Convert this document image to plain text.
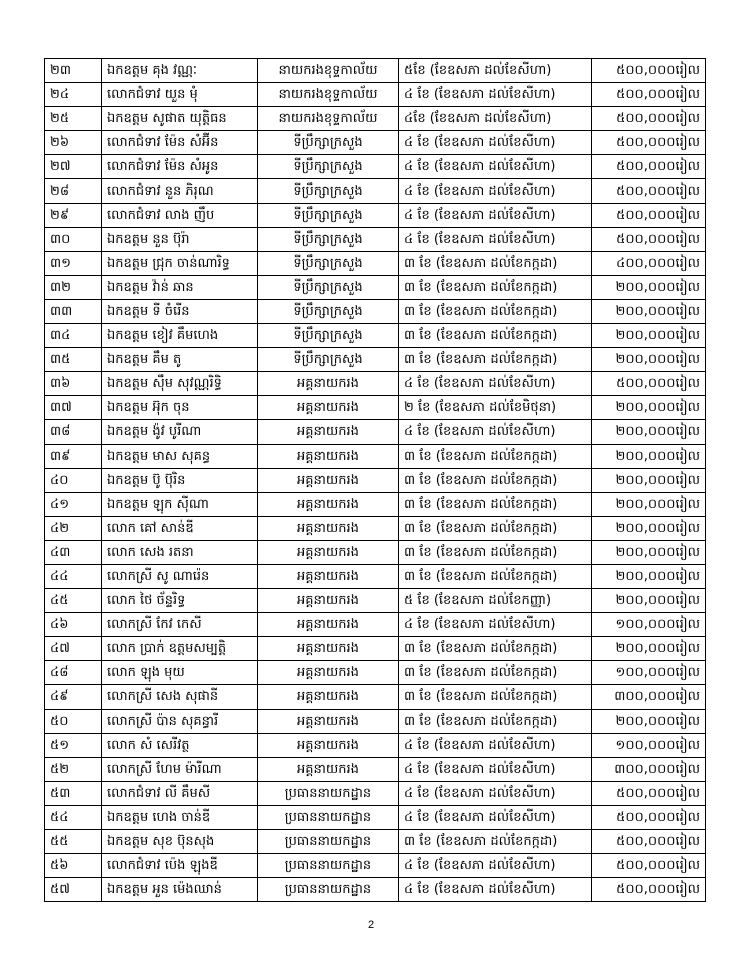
២៣	ឯកឧត្តម គុង វណ្ណៈ	នាយករងខុទ្ទកាល័យ	៥ខែ (ខែឧសភា ដល់ខែសីហា)	៥០០,០០០រៀល
២៤	លោកជំទាវ យួន មុំ	នាយករងខុទ្ទកាល័យ	៤ ខែ (ខែឧសភា ដល់ខែសីហា)	៥០០,០០០រៀល
២៥	ឯកឧត្តម សូផាត យុត្តិធន	នាយករងខុទ្ទកាល័យ	៤ខែ (ខែឧសភា ដល់ខែសីហា)	៥០០,០០០រៀល
២៦	លោកជំទាវ ម៉ែន សំអ៊ីន	ទីប្រឹក្សាក្រសួង	៤ ខែ (ខែឧសភា ដល់ខែសីហា)	៥០០,០០០រៀល
២៧	លោកជំទាវ ម៉ែន សំអូន	ទីប្រឹក្សាក្រសួង	៤ ខែ (ខែឧសភា ដល់ខែសីហា)	៥០០,០០០រៀល
២៨	លោកជំទាវ នួន ភិរុណ	ទីប្រឹក្សាក្រសួង	៤ ខែ (ខែឧសភា ដល់ខែសីហា)	៥០០,០០០រៀល
២៩	លោកជំទាវ លាង ញឹប	ទីប្រឹក្សាក្រសួង	៤ ខែ (ខែឧសភា ដល់ខែសីហា)	៥០០,០០០រៀល
៣០	ឯកឧត្តម នួន ប៊ុរ៉ា	ទីប្រឹក្សាក្រសួង	៤ ខែ (ខែឧសភា ដល់ខែសីហា)	៥០០,០០០រៀល
៣១	ឯកឧត្តម ជ្រុក ចាន់ណារិទ្ធ	ទីប្រឹក្សាក្រសួង	៣ ខែ (ខែឧសភា ដល់ខែកក្កដា)	៤០០,០០០រៀល
៣២	ឯកឧត្តម វ៉ាន់ ឆាន	ទីប្រឹក្សាក្រសួង	៣ ខែ (ខែឧសភា ដល់ខែកក្កដា)	២០០,០០០រៀល
៣៣	ឯកឧត្តម ទី ចំរើន	ទីប្រឹក្សាក្រសួង	៣ ខែ (ខែឧសភា ដល់ខែកក្កដា)	២០០,០០០រៀល
៣៤	ឯកឧត្តម ខៀវ គឹមហេង	ទីប្រឹក្សាក្រសួង	៣ ខែ (ខែឧសភា ដល់ខែកក្កដា)	២០០,០០០រៀល
៣៥	ឯកឧត្តម គឹម តូ	ទីប្រឹក្សាក្រសួង	៣ ខែ (ខែឧសភា ដល់ខែកក្កដា)	២០០,០០០រៀល
៣៦	ឯកឧត្តម ស៊ឹម សុវណ្ណរិទ្ធិ	អគ្គនាយករង	៤ ខែ (ខែឧសភា ដល់ខែសីហា)	៥០០,០០០រៀល
៣៧	ឯកឧត្តម អ៊ុក ចុន	អគ្គនាយករង	២ ខែ (ខែឧសភា ដល់ខែមិថុនា)	២០០,០០០រៀល
៣៨	ឯកឧត្តម ង៉ូវ បូរីណា	អគ្គនាយករង	៤ ខែ (ខែឧសភា ដល់ខែសីហា)	២០០,០០០រៀល
៣៩	ឯកឧត្តម មាស សុគន្ធ	អគ្គនាយករង	៣ ខែ (ខែឧសភា ដល់ខែកក្កដា)	២០០,០០០រៀល
៤០	ឯកឧត្តម ប៊ូ ប៊ុរិន	អគ្គនាយករង	៣ ខែ (ខែឧសភា ដល់ខែកក្កដា)	២០០,០០០រៀល
៤១	ឯកឧត្តម ឡុក ស៊ីណា	អគ្គនាយករង	៣ ខែ (ខែឧសភា ដល់ខែកក្កដា)	២០០,០០០រៀល
៤២	លោក គៅ សាន់ឌី	អគ្គនាយករង	៣ ខែ (ខែឧសភា ដល់ខែកក្កដា)	២០០,០០០រៀល
៤៣	លោក សេង រតនា	អគ្គនាយករង	៣ ខែ (ខែឧសភា ដល់ខែកក្កដា)	២០០,០០០រៀល
៤៤	លោកស្រី សូ ណារ៉េន	អគ្គនាយករង	៣ ខែ (ខែឧសភា ដល់ខែកក្កដា)	២០០,០០០រៀល
៤៥	លោក ថៃ ច័ន្ទរិទ្ធ	អគ្គនាយករង	៥ ខែ (ខែឧសភា ដល់ខែកញ្ញា)	២០០,០០០រៀល
៤៦	លោកស្រី កែវ កេសី	អគ្គនាយករង	៤ ខែ (ខែឧសភា ដល់ខែសីហា)	១០០,០០០រៀល
៤៧	លោក ប្រាក់ ឧត្តមសម្បត្តិ	អគ្គនាយករង	៣ ខែ (ខែឧសភា ដល់ខែកក្កដា)	២០០,០០០រៀល
៤៨	លោក ឡុង មុយ	អគ្គនាយករង	៣ ខែ (ខែឧសភា ដល់ខែកក្កដា)	១០០,០០០រៀល
៤៩	លោកស្រី សេង សុផានី	អគ្គនាយករង	៣ ខែ (ខែឧសភា ដល់ខែកក្កដា)	៣០០,០០០រៀល
៥០	លោកស្រី ប៉ាន សុគន្ធារី	អគ្គនាយករង	៣ ខែ (ខែឧសភា ដល់ខែកក្កដា)	២០០,០០០រៀល
៥១	លោក សំ សេរីវត្ថ	អគ្គនាយករង	៤ ខែ (ខែឧសភា ដល់ខែសីហា)	១០០,០០០រៀល
៥២	លោកស្រី ហែម ម៉ារីណា	អគ្គនាយករង	៤ ខែ (ខែឧសភា ដល់ខែសីហា)	៣០០,០០០រៀល
៥៣	លោកជំទាវ លី គឹមសី	ប្រធាននាយកដ្ឋាន	៤ ខែ (ខែឧសភា ដល់ខែសីហា)	៥០០,០០០រៀល
៥៤	ឯកឧត្តម ហេង ចាន់ឌី	ប្រធាននាយកដ្ឋាន	៤ ខែ (ខែឧសភា ដល់ខែសីហា)	៥០០,០០០រៀល
៥៥	ឯកឧត្តម សុខ ប៊ុនសុង	ប្រធាននាយកដ្ឋាន	៣ ខែ (ខែឧសភា ដល់ខែកក្កដា)	៥០០,០០០រៀល
៥៦	លោកជំទាវ ប៉េង ឡុងឌី	ប្រធាននាយកដ្ឋាន	៤ ខែ (ខែឧសភា ដល់ខែសីហា)	៥០០,០០០រៀល
៥៧	ឯកឧត្តម អួន ម៉េងឈាន់	ប្រធាននាយកដ្ឋាន	៤ ខែ (ខែឧសភា ដល់ខែសីហា)	៥០០,០០០រៀល
2
